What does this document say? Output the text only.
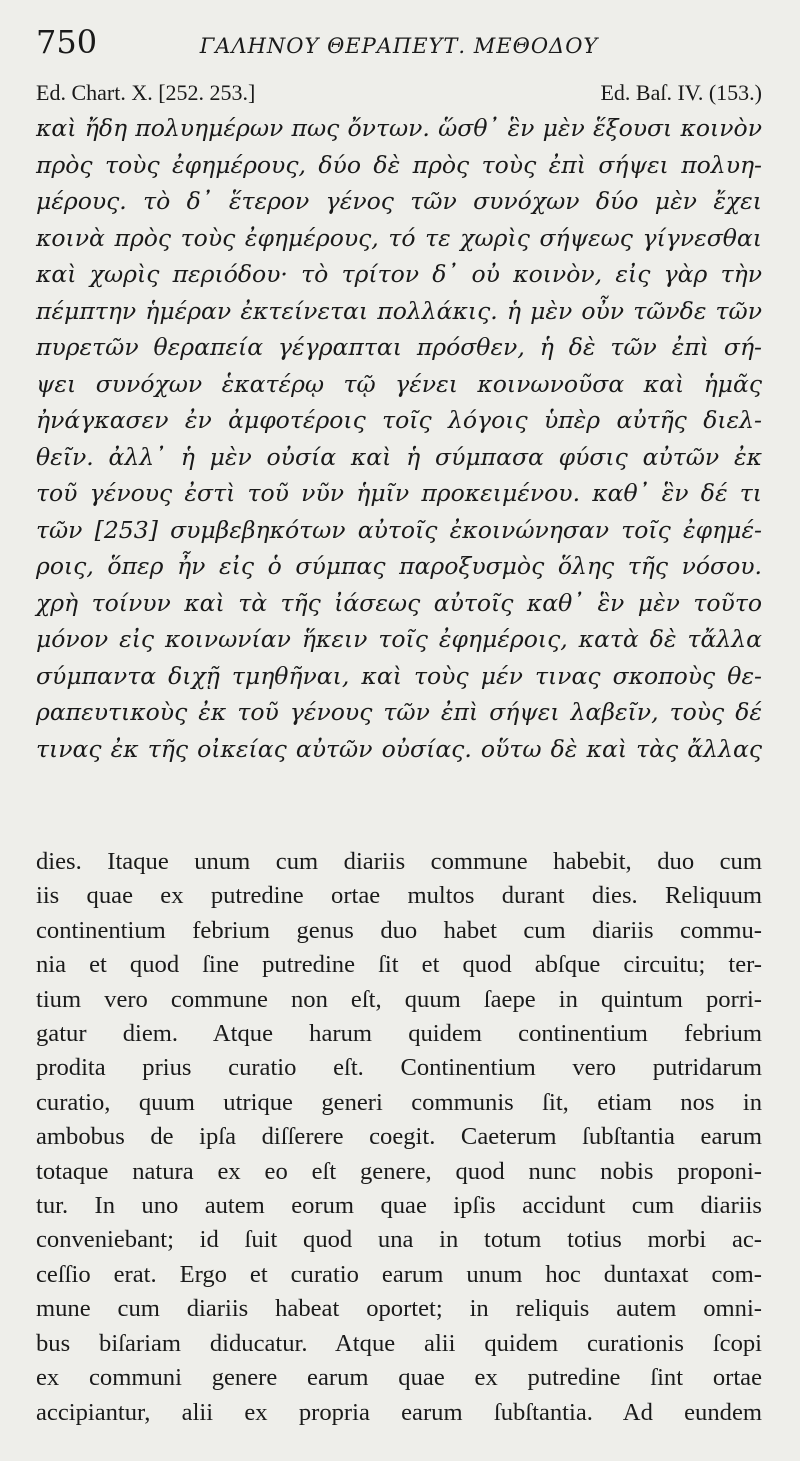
750	ΓΑΛΗΝΟΥ ΘΕΡΑΠΕΥΤ. ΜΕΘΟΔΟΥ
Ed. Chart. X. [252. 253.]	Ed. Baſ. IV. (153.)
καὶ ἤδη πολυημέρων πως ὄντων. ὥσθ᾽ ἓν μὲν ἕξουσι κοινὸν
πρὸς τοὺς ἐφημέρους, δύο δὲ πρὸς τοὺς ἐπὶ σήψει πολυη-
μέρους. τὸ δ᾽ ἕτερον γένος τῶν συνόχων δύο μὲν ἔχει
κοινὰ πρὸς τοὺς ἐφημέρους, τό τε χωρὶς σήψεως γίγνεσθαι
καὶ χωρὶς περιόδου· τὸ τρίτον δ᾽ οὐ κοινὸν, εἰς γὰρ τὴν
πέμπτην ἡμέραν ἐκτείνεται πολλάκις. ἡ μὲν οὖν τῶνδε τῶν
πυρετῶν θεραπεία γέγραπται πρόσθεν, ἡ δὲ τῶν ἐπὶ σή-
ψει συνόχων ἑκατέρῳ τῷ γένει κοινωνοῦσα καὶ ἡμᾶς
ἠνάγκασεν ἐν ἀμφοτέροις τοῖς λόγοις ὑπὲρ αὐτῆς διελ-
θεῖν. ἀλλ᾽ ἡ μὲν οὐσία καὶ ἡ σύμπασα φύσις αὐτῶν ἐκ
τοῦ γένους ἐστὶ τοῦ νῦν ἡμῖν προκειμένου. καθ᾽ ἓν δέ τι
τῶν [253] συμβεβηκότων αὐτοῖς ἐκοινώνησαν τοῖς ἐφημέ-
ροις, ὅπερ ἦν εἰς ὁ σύμπας παροξυσμὸς ὅλης τῆς νόσου.
χρὴ τοίνυν καὶ τὰ τῆς ἰάσεως αὐτοῖς καθ᾽ ἓν μὲν τοῦτο
μόνον εἰς κοινωνίαν ἥκειν τοῖς ἐφημέροις, κατὰ δὲ τἄλλα
σύμπαντα διχῇ τμηθῆναι, καὶ τοὺς μέν τινας σκοποὺς θε-
ραπευτικοὺς ἐκ τοῦ γένους τῶν ἐπὶ σήψει λαβεῖν, τοὺς δέ
τινας ἐκ τῆς οἰκείας αὐτῶν οὐσίας. οὕτω δὲ καὶ τὰς ἄλλας
dies. Itaque unum cum diariis commune habebit, duo cum
iis quae ex putredine ortae multos durant dies. Reliquum
continentium febrium genus duo habet cum diariis commu-
nia et quod ſine putredine ſit et quod abſque circuitu; ter-
tium vero commune non eſt, quum ſaepe in quintum porri-
gatur diem. Atque harum quidem continentium febrium
prodita prius curatio eſt. Continentium vero putridarum
curatio, quum utrique generi communis ſit, etiam nos in
ambobus de ipſa diſſerere coegit. Caeterum ſubſtantia earum
totaque natura ex eo eſt genere, quod nunc nobis proponi-
tur. In uno autem eorum quae ipſis accidunt cum diariis
conveniebant; id ſuit quod una in totum totius morbi ac-
ceſſio erat. Ergo et curatio earum unum hoc duntaxat com-
mune cum diariis habeat oportet; in reliquis autem omni-
bus biſariam diducatur. Atque alii quidem curationis ſcopi
ex communi genere earum quae ex putredine ſint ortae
accipiantur, alii ex propria earum ſubſtantia. Ad eundem
